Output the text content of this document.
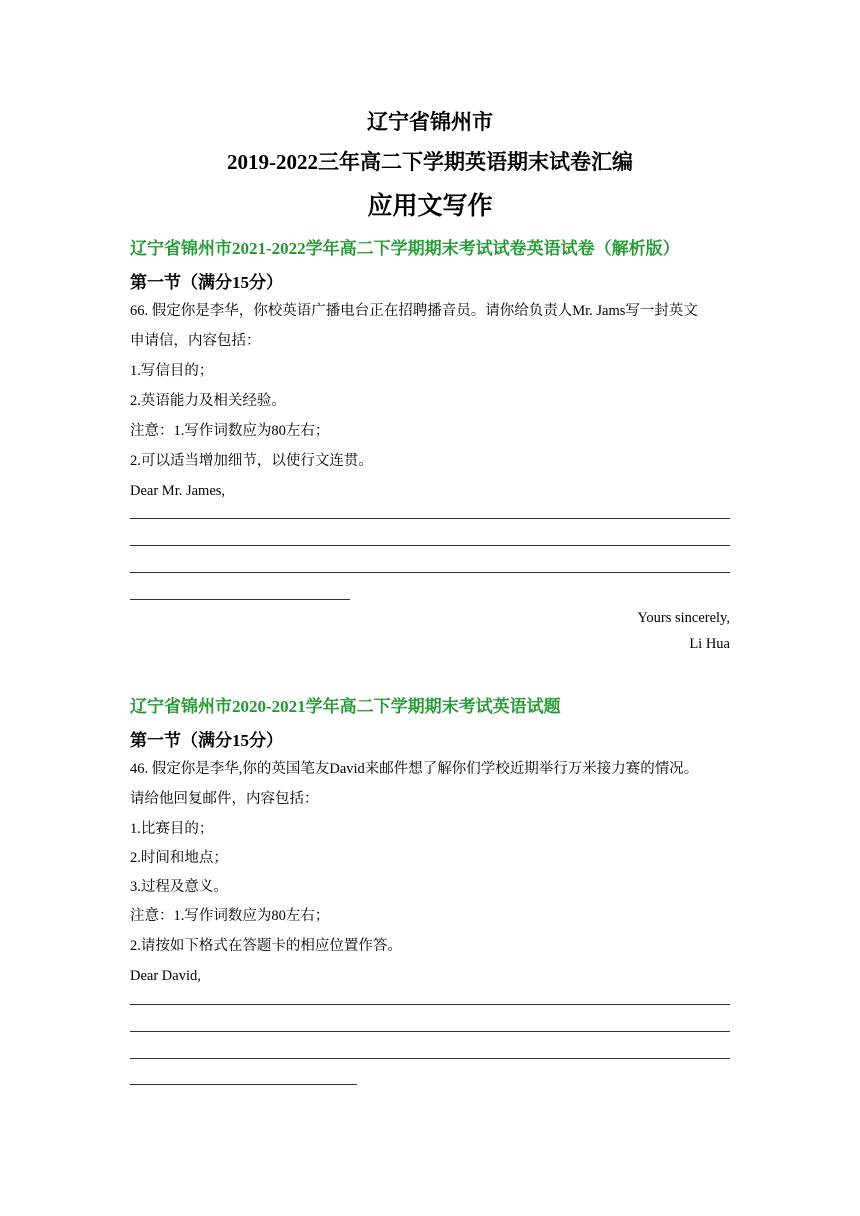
辽宁省锦州市
2019-2022三年高二下学期英语期末试卷汇编
应用文写作
辽宁省锦州市2021-2022学年高二下学期期末考试试卷英语试卷（解析版）
第一节（满分15分）
66. 假定你是李华，你校英语广播电台正在招聘播音员。请你给负责人Mr. Jams写一封英文
申请信，内容包括：
1.写信目的；
2.英语能力及相关经验。
注意：1.写作词数应为80左右；
2.可以适当增加细节，以使行文连贯。
Dear Mr. James,
Yours sincerely,
Li Hua
辽宁省锦州市2020-2021学年高二下学期期末考试英语试题
第一节（满分15分）
46. 假定你是李华,你的英国笔友David来邮件想了解你们学校近期举行万米接力赛的情况。
请给他回复邮件，内容包括：
1.比赛目的；
2.时间和地点；
3.过程及意义。
注意：1.写作词数应为80左右；
2.请按如下格式在答题卡的相应位置作答。
Dear David,
